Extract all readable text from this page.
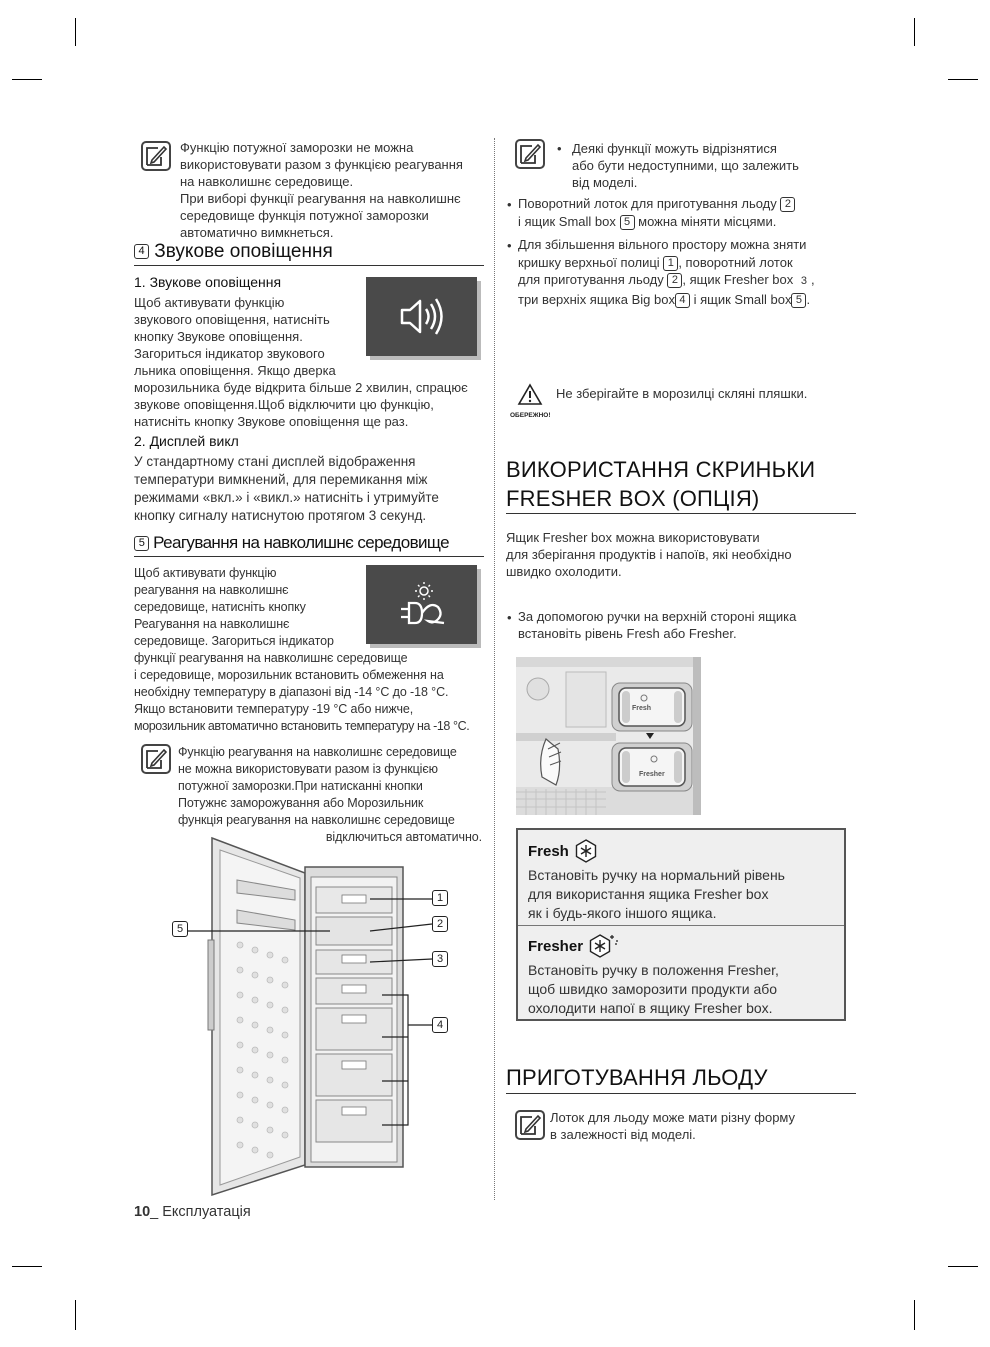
Функцію потужної заморозки не можна
використовувати разом з функцією реагування
на навколишнє середовище.
При виборі функції реагування на навколишнє
середовище функція потужної заморозки
автоматично вимкнеться.
4 Звукове оповіщення
1. Звукове оповіщення
Щоб активувати функцію
звукового оповіщення, натисніть
кнопку Звукове оповіщення.
Загориться індикатор звукового
льника оповіщення. Якщо дверка
морозильника буде відкрита більше 2 хвилин, спрацює
звукове оповіщення.Щоб відключити цю функцію,
натисніть кнопку Звукове оповіщення ще раз.
2. Дисплей викл
У стандартному стані дисплей відображення
температури вимкнений, для перемикання між
режимами «вкл.» і «викл.» натисніть і утримуйте
кнопку сигналу натиснутою протягом 3 секунд.
5 Реагування на навколишнє середовище
Щоб активувати функцію
реагування на навколишнє
середовище, натисніть кнопку
Реагування на навколишнє
середовище. Загориться індикатор
функції реагування на навколишнє середовище
і середовище, морозильник встановить обмеження на
необхідну температуру в діапазоні від -14 °C до -18 °C.
Якщо встановити температуру -19 °C або нижче,
морозильник автоматично встановить температуру на -18 °C.
Функцію реагування на навколишнє середовище
не можна використовувати разом із функцією
потужної заморозки.При натисканні кнопки
Потужнє заморожування або Морозильник
функція реагування на навколишнє середовище
відключиться автоматично.
1
2
3
4
5
10_ Експлуатація
• Деякі функції можуть відрізнятися
або бути недоступними, що залежить
від моделі.
• Поворотний лоток для приготування льоду 2
і ящик Small box 5 можна міняти місцями.
• Для збільшення вільного простору можна зняти
кришку верхньої полиці 1 , поворотний лоток
для приготування льоду 2 , ящик Fresher box 3 ,
три верхніх ящика Big box 4 і ящик Small box 5 .
ОБЕРЕЖНО!
Не зберігайте в морозилці скляні пляшки.
ВИКОРИСТАННЯ СКРИНЬКИ
FRESHER BOX (ОПЦІЯ)
Ящик Fresher box можна використовувати
для зберігання продуктів і напоїв, які необхідно
швидко охолодити.
• За допомогою ручки на верхній стороні ящика
встановіть рівень Fresh або Fresher.
Fresh
Fresher
Fresh
Встановіть ручку на нормальний рівень
для використання ящика Fresher box
як і будь-якого іншого ящика.
Fresher
Встановіть ручку в положення Fresher,
щоб швидко заморозити продукти або
охолодити напої в ящику Fresher box.
ПРИГОТУВАННЯ ЛЬОДУ
Лоток для льоду може мати різну форму
в залежності від моделі.
